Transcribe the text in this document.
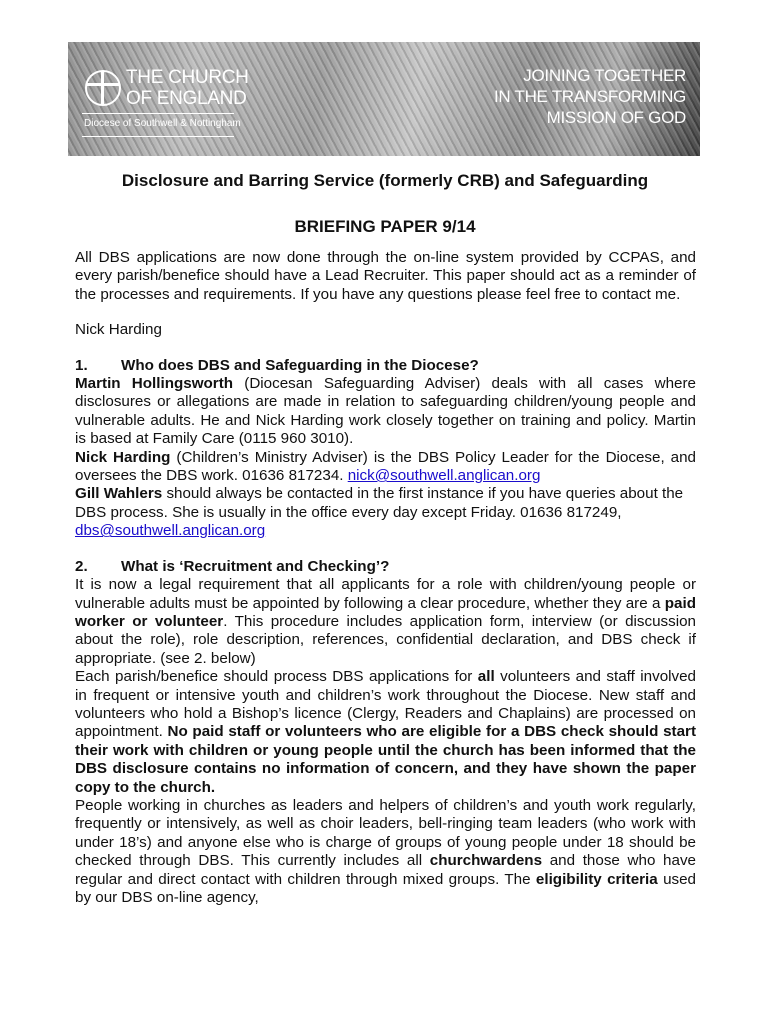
THE CHURCH
OF ENGLAND
Diocese of Southwell & Nottingham
JOINING TOGETHER
IN THE TRANSFORMING
MISSION OF GOD
Disclosure and Barring Service (formerly CRB) and Safeguarding
BRIEFING PAPER 9/14

All DBS applications are now done through the on-line system provided by CCPAS, and every parish/benefice should have a Lead Recruiter. This paper should act as a reminder of the processes and requirements. If you have any questions please feel free to contact me.

Nick Harding

1. Who does DBS and Safeguarding in the Diocese?

Martin Hollingsworth (Diocesan Safeguarding Adviser) deals with all cases where disclosures or allegations are made in relation to safeguarding children/young people and vulnerable adults. He and Nick Harding work closely together on training and policy. Martin is based at Family Care (0115 960 3010).

Nick Harding (Children’s Ministry Adviser) is the DBS Policy Leader for the Diocese, and oversees the DBS work. 01636 817234. nick@southwell.anglican.org

Gill Wahlers should always be contacted in the first instance if you have queries about the DBS process. She is usually in the office every day except Friday. 01636 817249, dbs@southwell.anglican.org

2. What is ‘Recruitment and Checking’?

It is now a legal requirement that all applicants for a role with children/young people or vulnerable adults must be appointed by following a clear procedure, whether they are a paid worker or volunteer. This procedure includes application form, interview (or discussion about the role), role description, references, confidential declaration, and DBS check if appropriate. (see 2. below)

Each parish/benefice should process DBS applications for all volunteers and staff involved in frequent or intensive youth and children’s work throughout the Diocese. New staff and volunteers who hold a Bishop’s licence (Clergy, Readers and Chaplains) are processed on appointment. No paid staff or volunteers who are eligible for a DBS check should start their work with children or young people until the church has been informed that the DBS disclosure contains no information of concern, and they have shown the paper copy to the church.

People working in churches as leaders and helpers of children’s and youth work regularly, frequently or intensively, as well as choir leaders, bell-ringing team leaders (who work with under 18’s) and anyone else who is charge of groups of young people under 18 should be checked through DBS. This currently includes all churchwardens and those who have regular and direct contact with children through mixed groups. The eligibility criteria used by our DBS on-line agency,
